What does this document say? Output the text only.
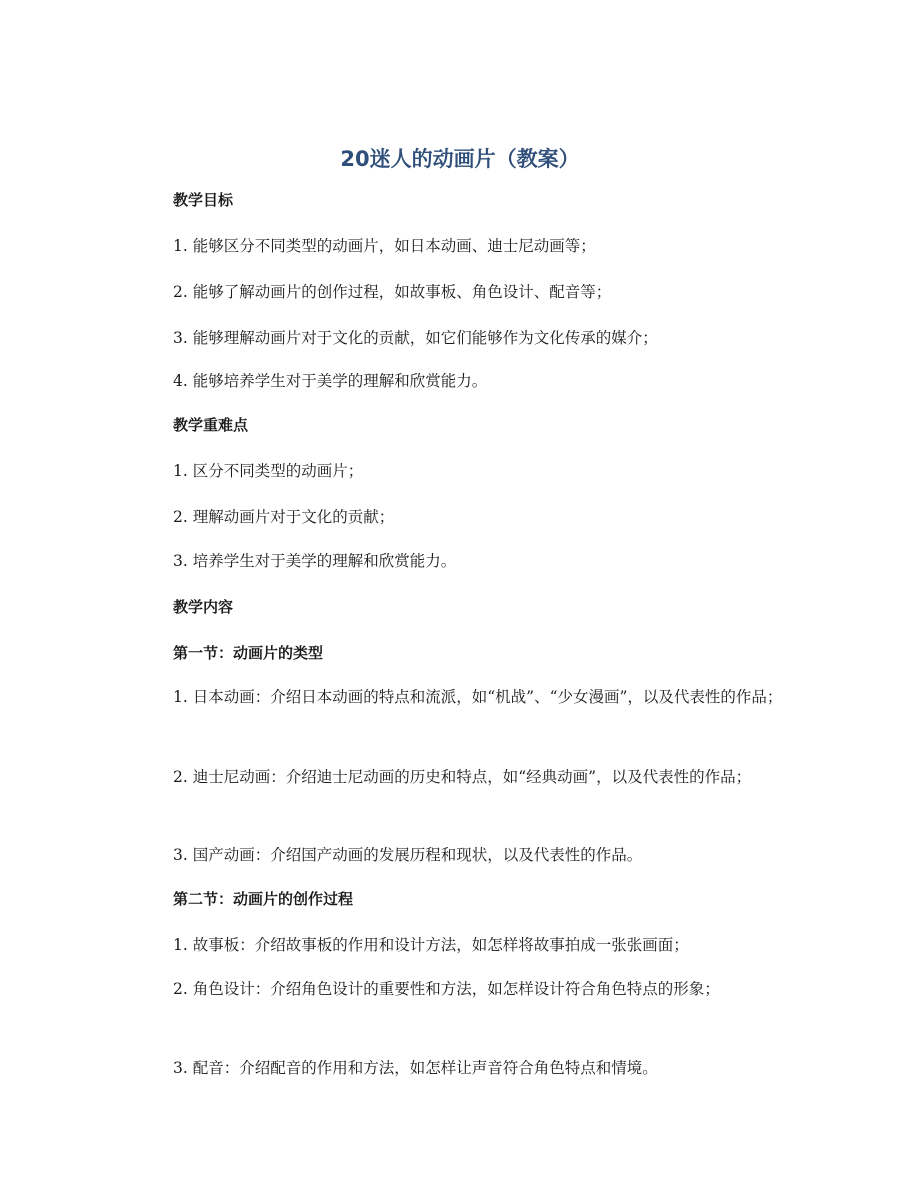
20迷人的动画片（教案）
教学目标
1. 能够区分不同类型的动画片，如日本动画、迪士尼动画等；
2. 能够了解动画片的创作过程，如故事板、角色设计、配音等；
3. 能够理解动画片对于文化的贡献，如它们能够作为文化传承的媒介；
4. 能够培养学生对于美学的理解和欣赏能力。
教学重难点
1. 区分不同类型的动画片；
2. 理解动画片对于文化的贡献；
3. 培养学生对于美学的理解和欣赏能力。
教学内容
第一节：动画片的类型
1. 日本动画：介绍日本动画的特点和流派，如“机战”、“少女漫画”，以及代表性的作品；
2. 迪士尼动画：介绍迪士尼动画的历史和特点，如“经典动画”，以及代表性的作品；
3. 国产动画：介绍国产动画的发展历程和现状，以及代表性的作品。
第二节：动画片的创作过程
1. 故事板：介绍故事板的作用和设计方法，如怎样将故事拍成一张张画面；
2. 角色设计：介绍角色设计的重要性和方法，如怎样设计符合角色特点的形象；
3. 配音：介绍配音的作用和方法，如怎样让声音符合角色特点和情境。
